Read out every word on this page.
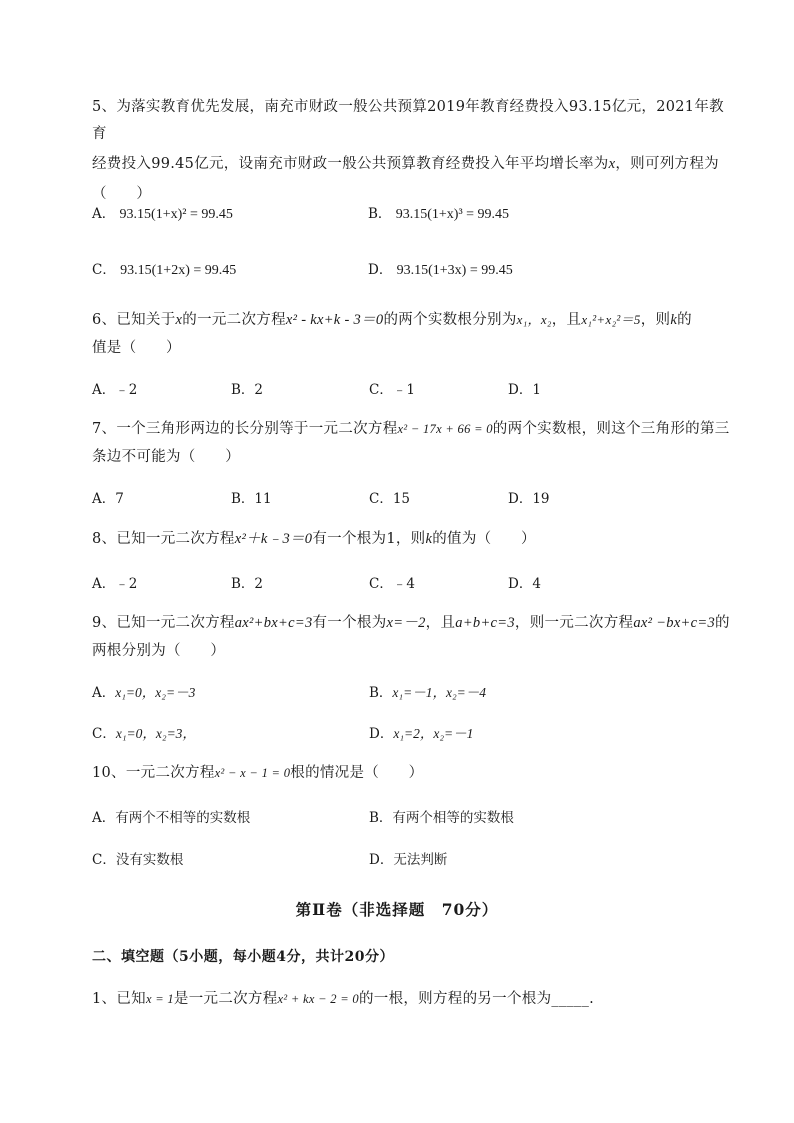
5、为落实教育优先发展，南充市财政一般公共预算2019年教育经费投入93.15亿元，2021年教育
经费投入99.45亿元，设南充市财政一般公共预算教育经费投入年平均增长率为x，则可列方程为
（　　）
A． 93.15(1+x)² = 99.45	B． 93.15(1+x)³ = 99.45
C． 93.15(1+2x) = 99.45	D． 93.15(1+3x) = 99.45
6、已知关于x的一元二次方程x² - kx+k - 3＝0的两个实数根分别为x₁，x₂，且x₁²+x₂²＝5，则k的
值是（　　）
A．﹣2	B．2	C．﹣1	D．1
7、一个三角形两边的长分别等于一元二次方程x² − 17x + 66 = 0的两个实数根，则这个三角形的第三
条边不可能为（　　）
A．7	B．11	C．15	D．19
8、已知一元二次方程x²＋k﹣3＝0有一个根为1，则k的值为（　　）
A．﹣2	B．2	C．﹣4	D．4
9、已知一元二次方程ax²+bx+c=3有一个根为x=－2，且a+b+c=3，则一元二次方程ax² −bx+c=3的
两根分别为（　　）
A．x₁=0，x₂=－3	B．x₁=－1，x₂=－4
C．x₁=0，x₂=3，	D．x₁=2，x₂=－1
10、一元二次方程x² − x − 1 = 0根的情况是（　　）
A．有两个不相等的实数根	B．有两个相等的实数根
C．没有实数根	D．无法判断
第Ⅱ卷（非选择题　70分）
二、填空题（5小题，每小题4分，共计20分）
1、已知x = 1是一元二次方程x² + kx − 2 = 0的一根，则方程的另一个根为_____.
